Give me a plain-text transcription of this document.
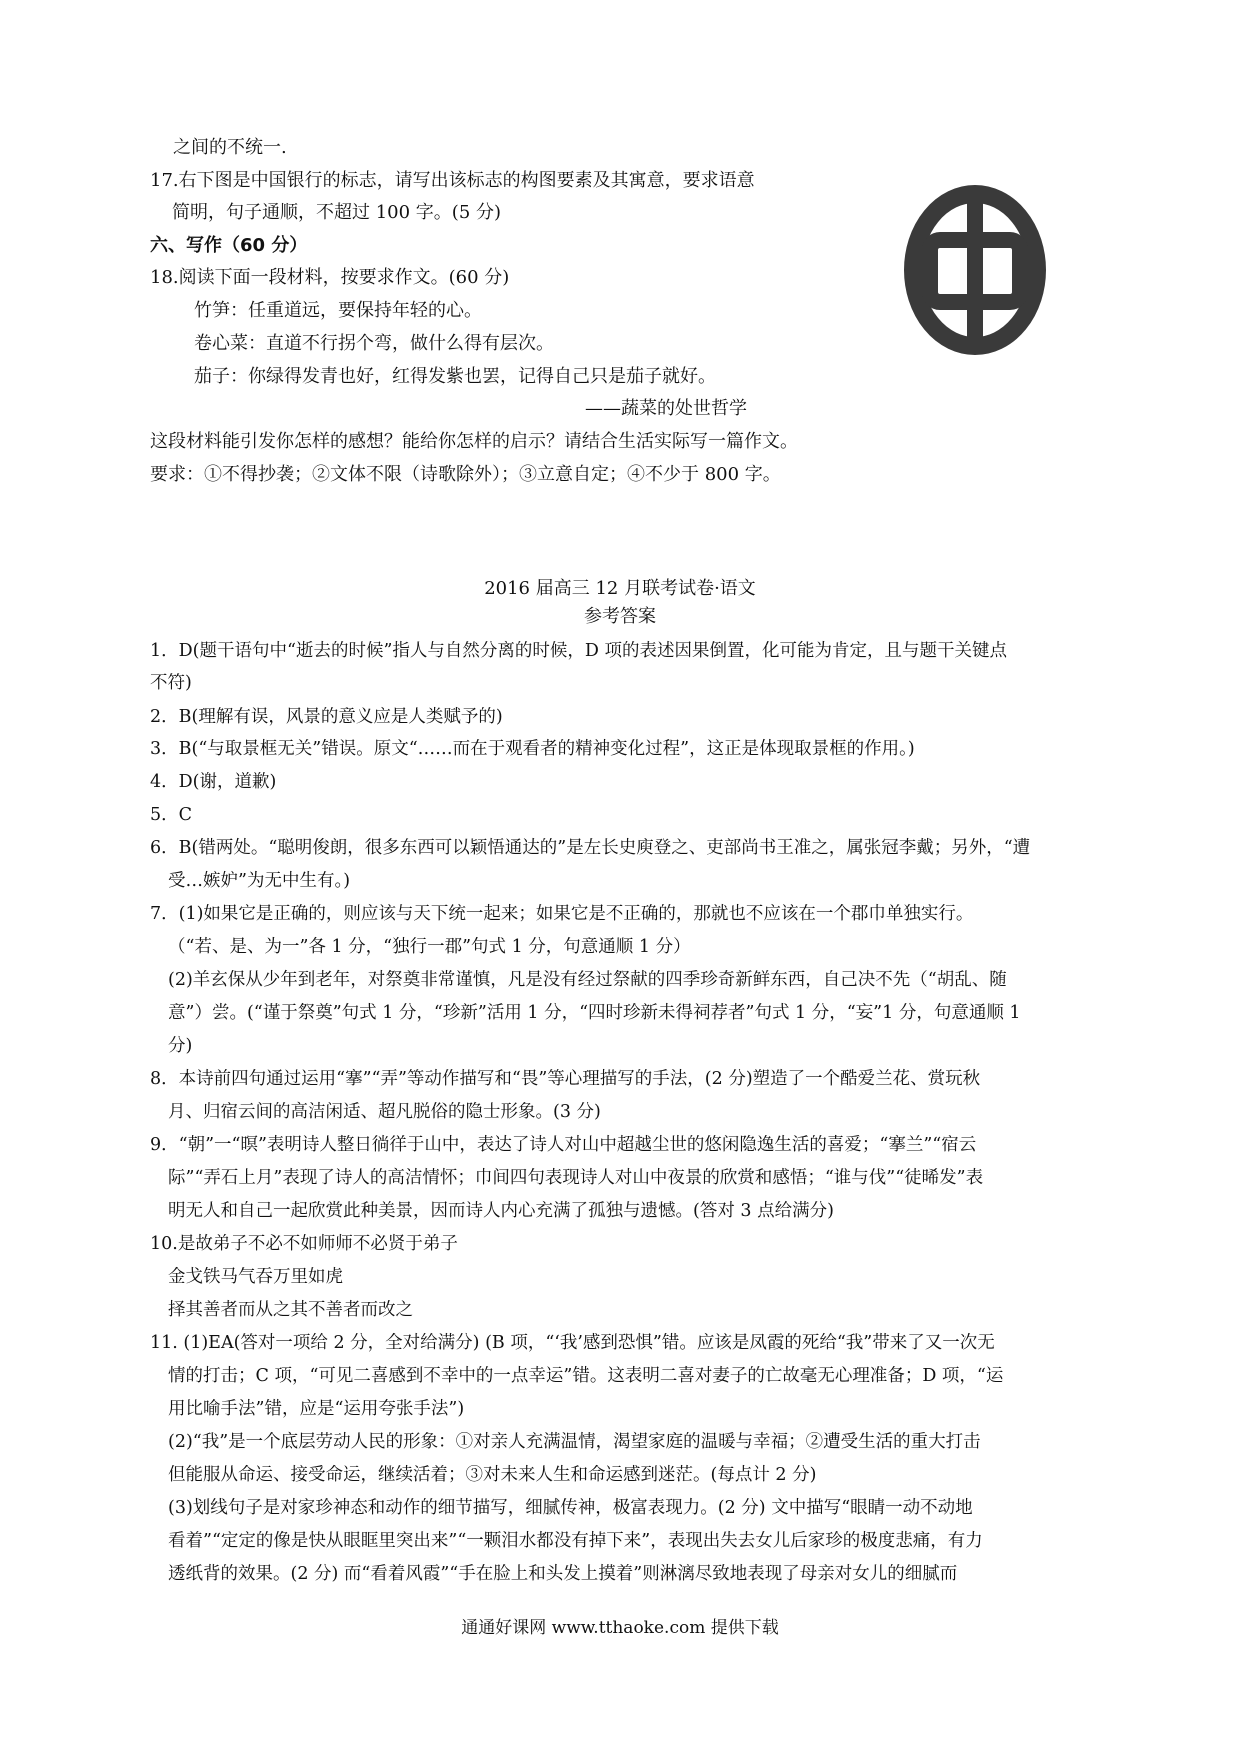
之间的不统一.
17.右下图是中国银行的标志，请写出该标志的构图要素及其寓意，要求语意
简明，句子通顺，不超过 100 字。(5 分)
六、写作（60 分）
18.阅读下面一段材料，按要求作文。(60 分)
竹笋：任重道远，要保持年轻的心。
卷心菜：直道不行拐个弯，做什么得有层次。
茄子：你绿得发青也好，红得发紫也罢，记得自己只是茄子就好。
——蔬菜的处世哲学
这段材料能引发你怎样的感想？能给你怎样的启示？请结合生活实际写一篇作文。
要求：①不得抄袭；②文体不限（诗歌除外）；③立意自定；④不少于 800 字。
2016 届高三 12 月联考试卷·语文
参考答案
1．D(题干语句中“逝去的时候”指人与自然分离的时候，D 项的表述因果倒置，化可能为肯定，且与题干关键点
不符)
2．B(理解有误，风景的意义应是人类赋予的)
3．B(“与取景框无关”错误。原文“……而在于观看者的精神变化过程”，这正是体现取景框的作用。)
4．D(谢，道歉)
5．C
6．B(错两处。“聪明俊朗，很多东西可以颖悟通达的”是左长史庾登之、吏部尚书王准之，属张冠李戴；另外，“遭
受…嫉妒”为无中生有。)
7．(1)如果它是正确的，则应该与天下统一起来；如果它是不正确的，那就也不应该在一个郡巾单独实行。
（“若、是、为一”各 1 分，“独行一郡”句式 1 分，句意通顺 1 分）
(2)羊玄保从少年到老年，对祭奠非常谨慎，凡是没有经过祭献的四季珍奇新鲜东西，自己决不先（“胡乱、随
意”）尝。(“谨于祭奠”句式 1 分，“珍新”活用 1 分，“四时珍新未得祠荐者”句式 1 分，“妄”1 分，句意通顺 1
分)
8．本诗前四句通过运用“搴”“弄”等动作描写和“畏”等心理描写的手法，(2 分)塑造了一个酷爱兰花、赏玩秋
月、归宿云间的高洁闲适、超凡脱俗的隐士形象。(3 分)
9．“朝”一“暝”表明诗人整日徜徉于山中，表达了诗人对山中超越尘世的悠闲隐逸生活的喜爱；“搴兰”“宿云
际”“弄石上月”表现了诗人的高洁情怀；巾间四句表现诗人对山中夜景的欣赏和感悟；“谁与伐”“徒晞发”表
明无人和自己一起欣赏此种美景，因而诗人内心充满了孤独与遗憾。(答对 3 点给满分)
10.是故弟子不必不如师师不必贤于弟子
金戈铁马气吞万里如虎
择其善者而从之其不善者而改之
11. (1)EA(答对一项给 2 分，全对给满分) (B 项，“‘我’感到恐惧”错。应该是凤霞的死给“我”带来了又一次无
情的打击；C 项，“可见二喜感到不幸中的一点幸运”错。这表明二喜对妻子的亡故毫无心理准备；D 项，“运
用比喻手法”错，应是“运用夸张手法”)
(2)“我”是一个底层劳动人民的形象：①对亲人充满温情，渴望家庭的温暖与幸福；②遭受生活的重大打击
但能服从命运、接受命运，继续活着；③对未来人生和命运感到迷茫。(每点计 2 分)
(3)划线句子是对家珍神态和动作的细节描写，细腻传神，极富表现力。(2 分) 文中描写“眼睛一动不动地
看着”“定定的像是快从眼眶里突出来”“一颗泪水都没有掉下来”，表现出失去女儿后家珍的极度悲痛，有力
透纸背的效果。(2 分) 而“看着风霞”“手在脸上和头发上摸着”则淋漓尽致地表现了母亲对女儿的细腻而
通通好课网 www.tthaoke.com 提供下载
